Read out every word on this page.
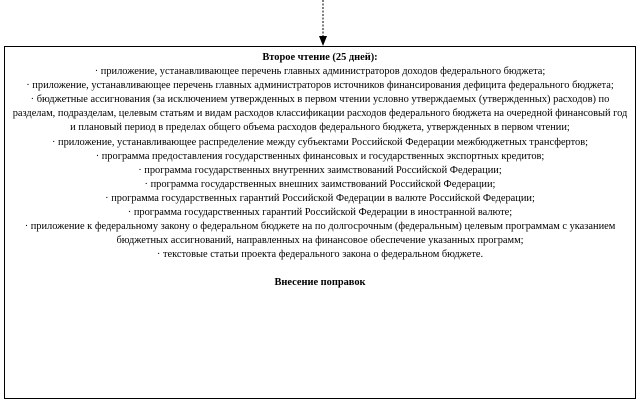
Второе чтение (25 дней):
· приложение, устанавливающее перечень главных администраторов доходов федерального бюджета;
· приложение, устанавливающее перечень главных администраторов источников финансирования дефицита федерального бюджета;
· бюджетные ассигнования (за исключением утвержденных в первом чтении условно утверждаемых (утвержденных) расходов) по разделам, подразделам, целевым статьям и видам расходов классификации расходов федерального бюджета на очередной финансовый год и плановый период в пределах общего объема расходов федерального бюджета, утвержденных в первом чтении;
· приложение, устанавливающее распределение между субъектами Российской Федерации межбюджетных трансфертов;
· программа предоставления государственных финансовых и государственных экспортных кредитов;
· программа государственных внутренних заимствований Российской Федерации;
· программа государственных внешних заимствований Российской Федерации;
· программа государственных гарантий Российской Федерации в валюте Российской Федерации;
· программа государственных гарантий Российской Федерации в иностранной валюте;
· приложение к федеральному закону о федеральном бюджете на по долгосрочным (федеральным) целевым программам с указанием бюджетных ассигнований, направленных на финансовое обеспечение указанных программ;
· текстовые статьи проекта федерального закона о федеральном бюджете.
Внесение поправок
